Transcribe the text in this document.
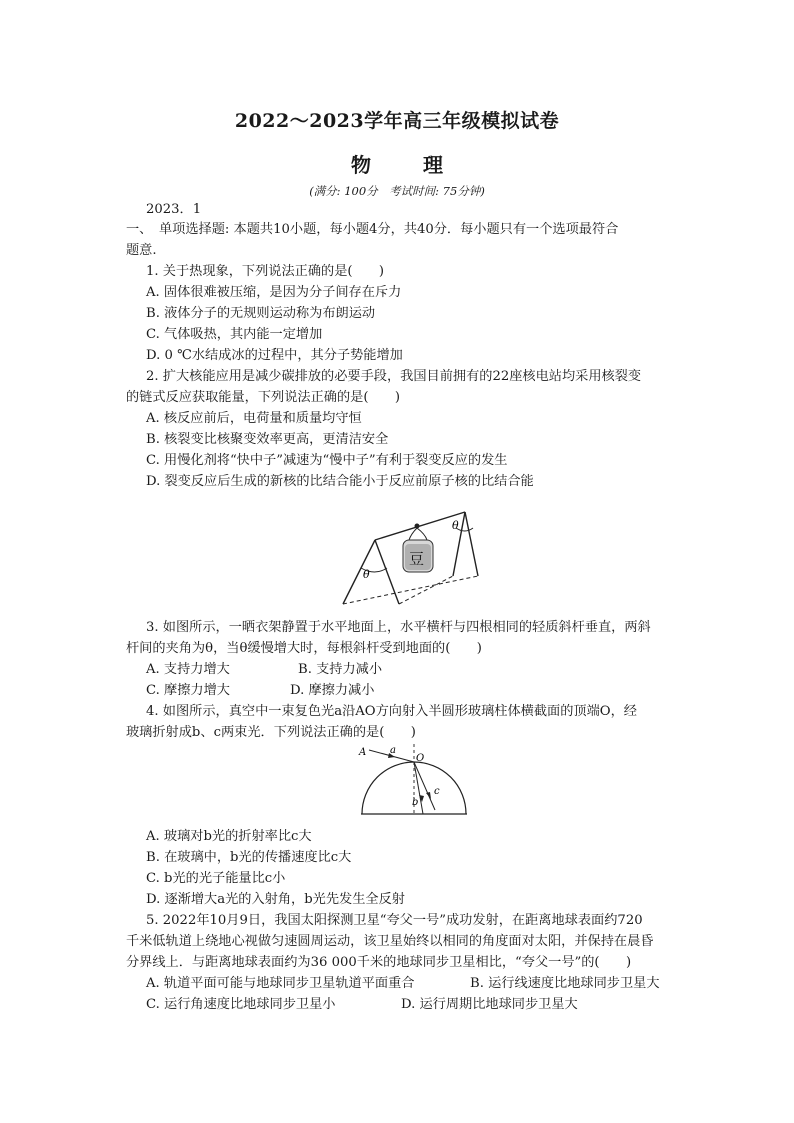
2022～2023学年高三年级模拟试卷
物	理
(满分: 100分　考试时间: 75分钟)
2023．1
一、　单项选择题: 本题共10小题，每小题4分，共40分．每小题只有一个选项最符合
题意.
1. 关于热现象，下列说法正确的是(　　)
A. 固体很难被压缩，是因为分子间存在斥力
B. 液体分子的无规则运动称为布朗运动
C. 气体吸热，其内能一定增加
D. 0 ℃水结成冰的过程中，其分子势能增加
2. 扩大核能应用是减少碳排放的必要手段，我国目前拥有的22座核电站均采用核裂变
的链式反应获取能量，下列说法正确的是(　　)
A. 核反应前后，电荷量和质量均守恒
B. 核裂变比核聚变效率更高，更清洁安全
C. 用慢化剂将“快中子”减速为“慢中子”有利于裂变反应的发生
D. 裂变反应后生成的新核的比结合能小于反应前原子核的比结合能
豆
θ
θ
3. 如图所示，一晒衣架静置于水平地面上，水平横杆与四根相同的轻质斜杆垂直，两斜
杆间的夹角为θ，当θ缓慢增大时，每根斜杆受到地面的(　　)
A. 支持力增大	B. 支持力减小
C. 摩擦力增大	D. 摩擦力减小
4. 如图所示，真空中一束复色光a沿AO方向射入半圆形玻璃柱体横截面的顶端O，经
玻璃折射成b、c两束光．下列说法正确的是(　　)
A a
O
b
c
A. 玻璃对b光的折射率比c大
B. 在玻璃中，b光的传播速度比c大
C. b光的光子能量比c小
D. 逐渐增大a光的入射角，b光先发生全反射
5. 2022年10月9日，我国太阳探测卫星“夸父一号”成功发射，在距离地球表面约720
千米低轨道上绕地心视做匀速圆周运动，该卫星始终以相同的角度面对太阳，并保持在晨昏
分界线上．与距离地球表面约为36 000千米的地球同步卫星相比，“夸父一号”的(　　)
A. 轨道平面可能与地球同步卫星轨道平面重合	B. 运行线速度比地球同步卫星大
C. 运行角速度比地球同步卫星小	D. 运行周期比地球同步卫星大
